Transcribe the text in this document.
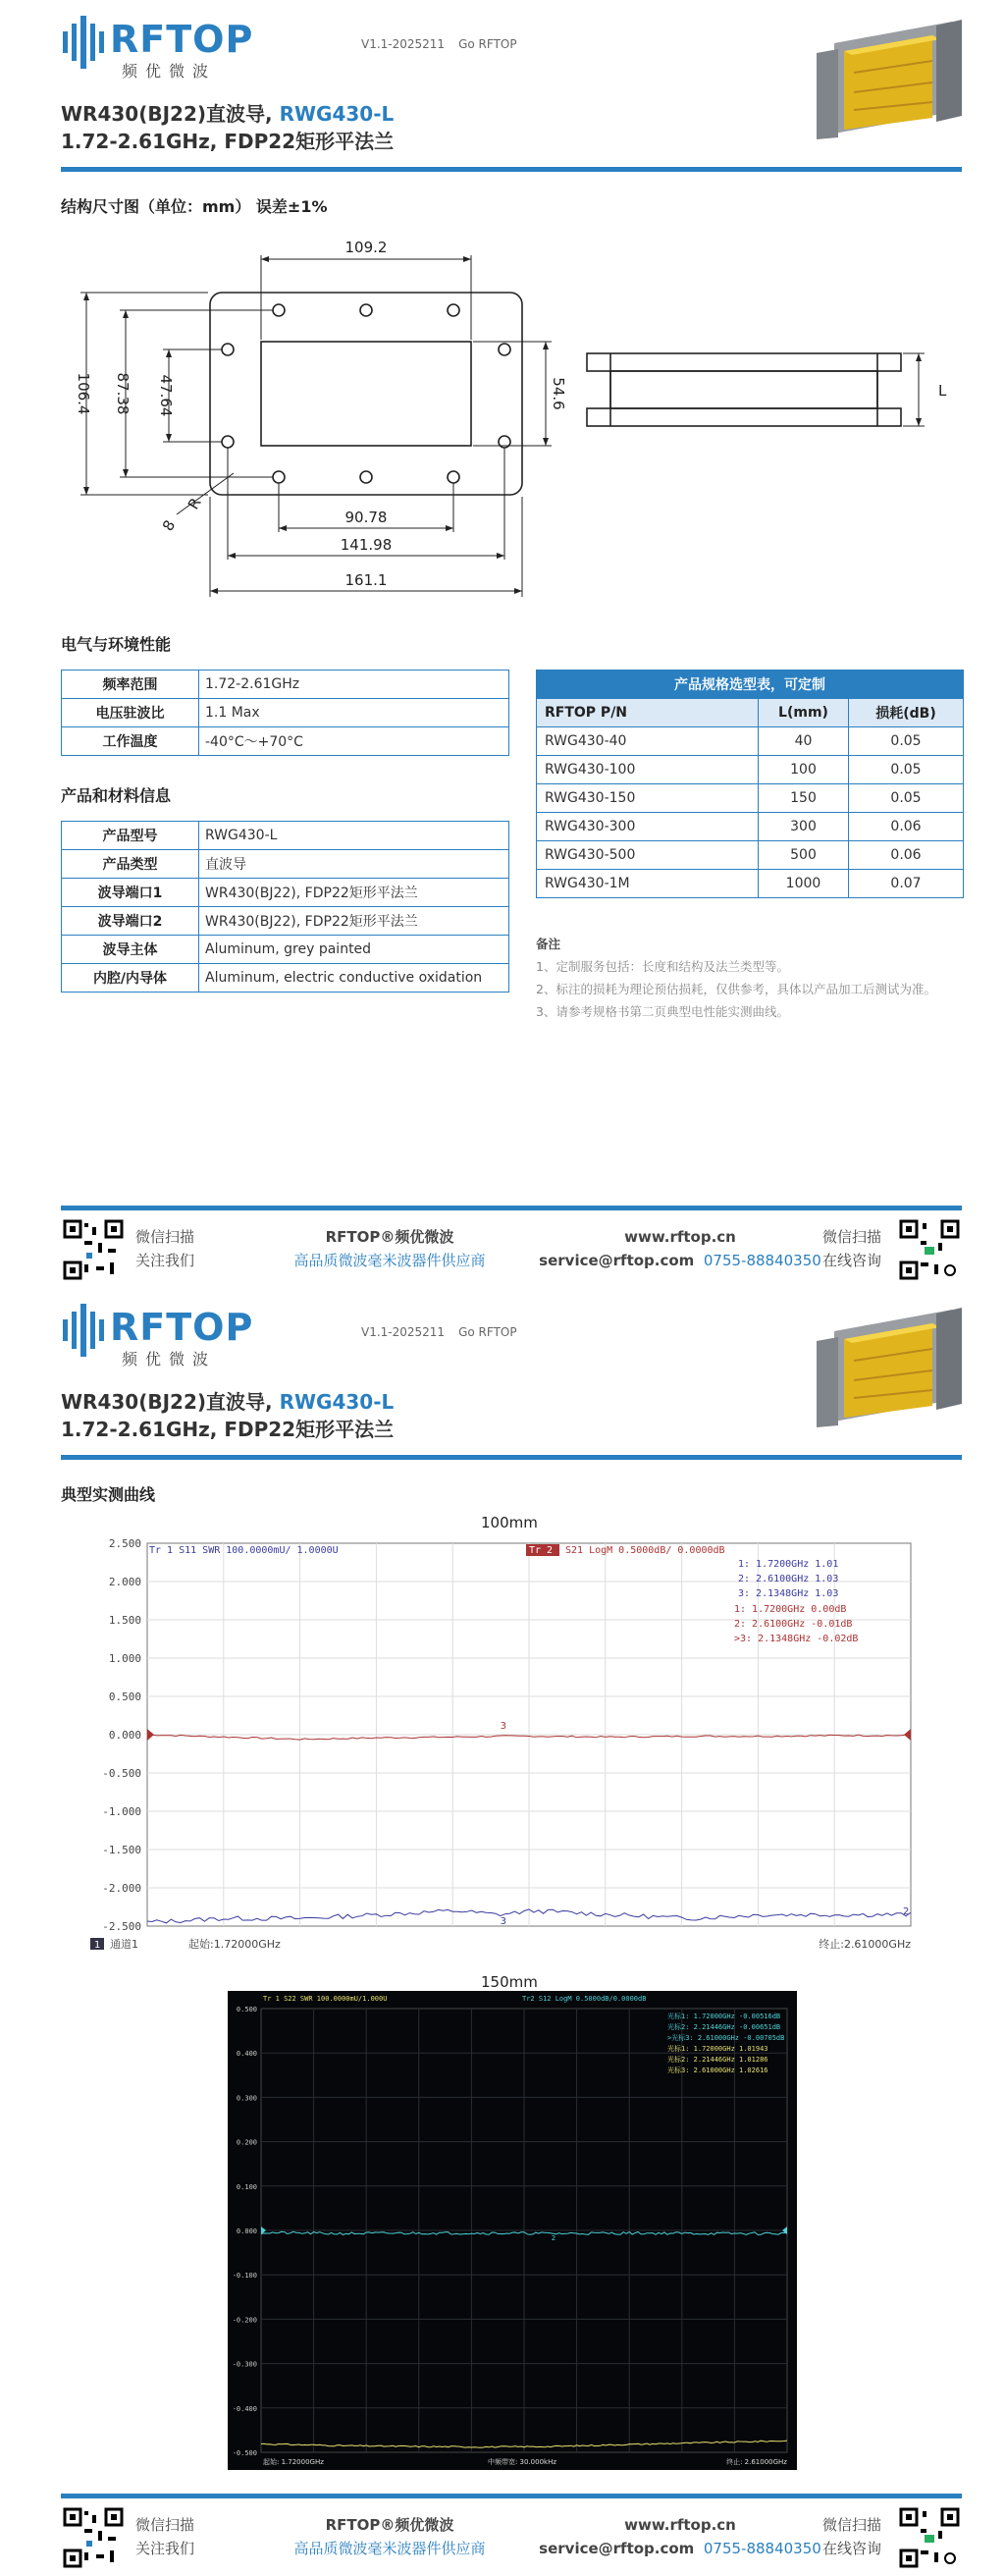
RFTOP
频优微波
V1.1-2025211 Go RFTOP
WR430(BJ22)直波导, RWG430-L
1.72-2.61GHz, FDP22矩形平法兰
结构尺寸图（单位：mm） 误差±1%
109.2
106.4 87.38 47.64	54.6
90.78
141.98
161.1
R
8
L
电气与环境性能
频率范围	1.72-2.61GHz
电压驻波比	1.1 Max
工作温度	-40°C～+70°C
产品和材料信息
产品型号	RWG430-L
产品类型	直波导
波导端口1	WR430(BJ22), FDP22矩形平法兰
波导端口2	WR430(BJ22), FDP22矩形平法兰
波导主体	Aluminum, grey painted
内腔/内导体	Aluminum, electric conductive oxidation
产品规格选型表，可定制		
RFTOP P/N	L(mm)	损耗(dB)
RWG430-40	40	0.05
RWG430-100	100	0.05
RWG430-150	150	0.05
RWG430-300	300	0.06
RWG430-500	500	0.06
RWG430-1M	1000	0.07
备注
1、定制服务包括：长度和结构及法兰类型等。
2、标注的损耗为理论预估损耗，仅供参考，具体以产品加工后测试为准。
3、请参考规格书第二页典型电性能实测曲线。
微信扫描
关注我们
RFTOP®频优微波
高品质微波毫米波器件供应商
www.rftop.cn
service@rftop.com 0755-88840350
微信扫描
在线咨询
RFTOP
频优微波
V1.1-2025211 Go RFTOP
WR430(BJ22)直波导, RWG430-L
1.72-2.61GHz, FDP22矩形平法兰
典型实测曲线
100mm
2.500
2.000
1.500
1.000
0.500
0.000
-0.500
-1.000
-1.500
-2.000
-2.500
Tr 1 S11 SWR 100.0000mU/ 1.0000U	Tr 2 S21 LogM 0.5000dB/ 0.0000dB
1: 1.7200GHz 1.01
2: 2.6100GHz 1.03
3: 2.1348GHz 1.03
1: 1.7200GHz 0.00dB
2: 2.6100GHz -0.01dB
>3: 2.1348GHz -0.02dB
3
3
2
1 通道1	起始:1.72000GHz	终止:2.61000GHz
150mm
0.500
0.400
0.300
0.200
0.100
0.000
-0.100
-0.200
-0.300
-0.400
-0.500
Tr 1 S22 SWR 100.0000mU/1.000U	Tr2 S12 LogM 0.5000dB/0.0000dB
光标1: 1.72000GHz -0.00516dB
光标2: 2.21446GHz -0.00651dB
>光标3: 2.61000GHz -0.00705dB
光标1: 1.72000GHz 1.01943
光标2: 2.21446GHz 1.01286
光标3: 2.61000GHz 1.02616
2
起始: 1.72000GHz	中频带宽: 30.000kHz	终止: 2.61000GHz
微信扫描
关注我们
RFTOP®频优微波
高品质微波毫米波器件供应商
www.rftop.cn
service@rftop.com 0755-88840350
微信扫描
在线咨询
